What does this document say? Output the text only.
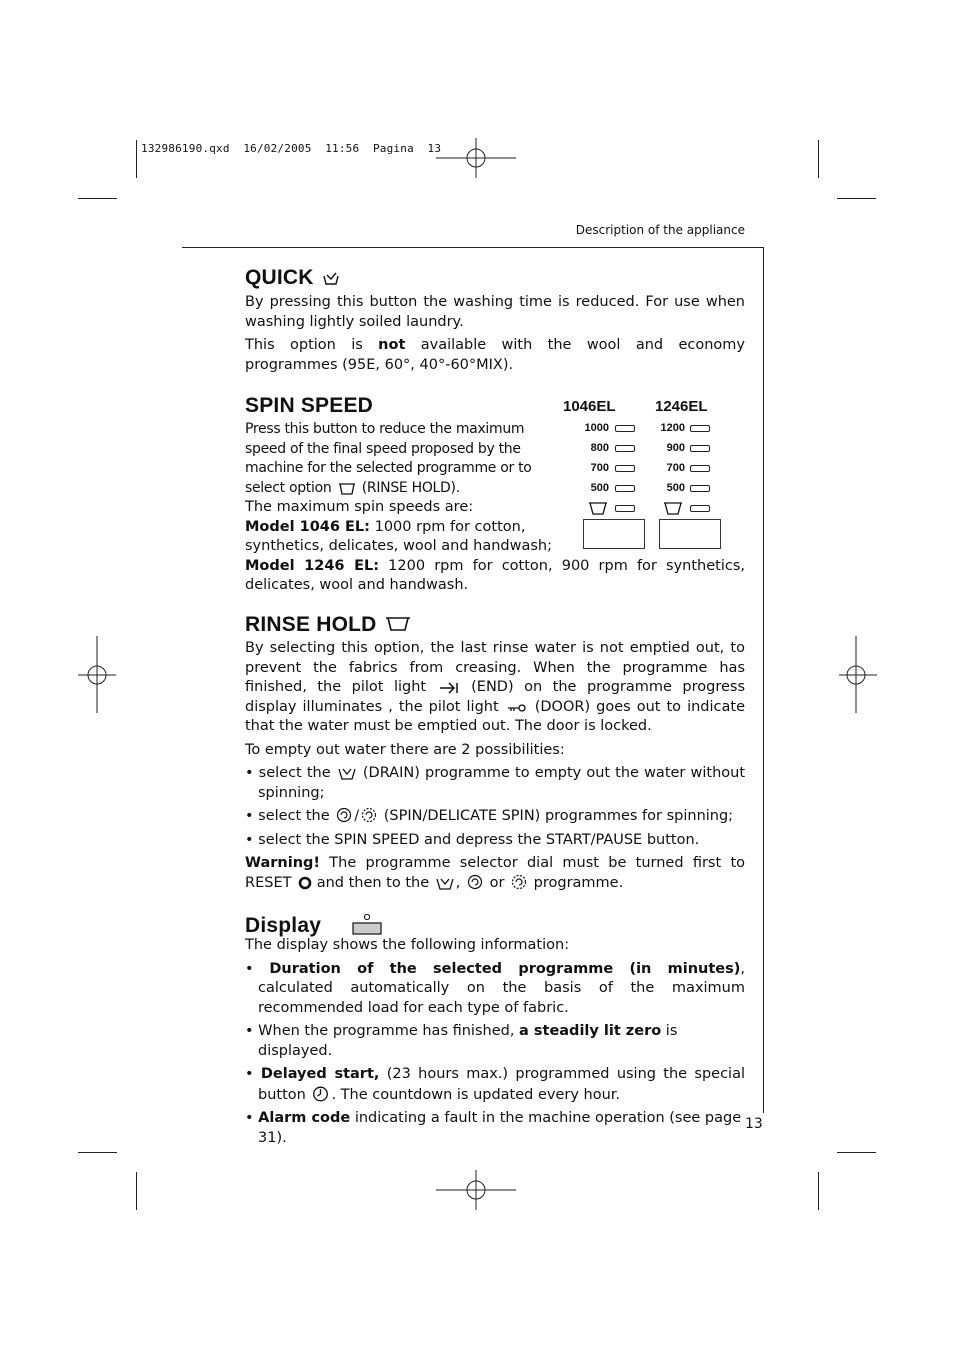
132986190.qxd  16/02/2005  11:56  Pagina  13
Description of the appliance
QUICK

By pressing this button the washing time is reduced. For use when washing lightly soiled laundry.

This option is not available with the wool and economy programmes (95E, 60°, 40°-60°MIX).

SPIN SPEED

Press this button to reduce the maximum speed of the final speed proposed by the machine for the selected programme or to select option (RINSE HOLD).

The maximum spin speeds are:

Model 1046 EL: 1000 rpm for cotton, synthetics, delicates, wool and handwash;

Model 1246 EL: 1200 rpm for cotton, 900 rpm for synthetics, delicates, wool and handwash.

1046EL	1246EL
1000
800
700
500
1200
900
700
500
RINSE HOLD

By selecting this option, the last rinse water is not emptied out, to prevent the fabrics from creasing. When the programme has finished, the pilot light	(END) on the programme progress display illuminates , the pilot light (DOOR) goes out to indicate that the water must be emptied out. The door is locked.

To empty out water there are 2 possibilities:

• select the (DRAIN) programme to empty out the water without spinning;

• select the / (SPIN/DELICATE SPIN) programmes for spinning;

• select the SPIN SPEED and depress the START/PAUSE button.

Warning! The programme selector dial must be turned first to RESET and then to the ,  or programme.

Display

The display shows the following information:

• Duration of the selected programme (in minutes), calculated automatically on the basis of the maximum recommended load for each type of fabric.

• When the programme has finished, a steadily lit zero is displayed.

• Delayed start, (23 hours max.) programmed using the special button . The countdown is updated every hour.

• Alarm code indicating a fault in the machine operation (see page 31).

13
